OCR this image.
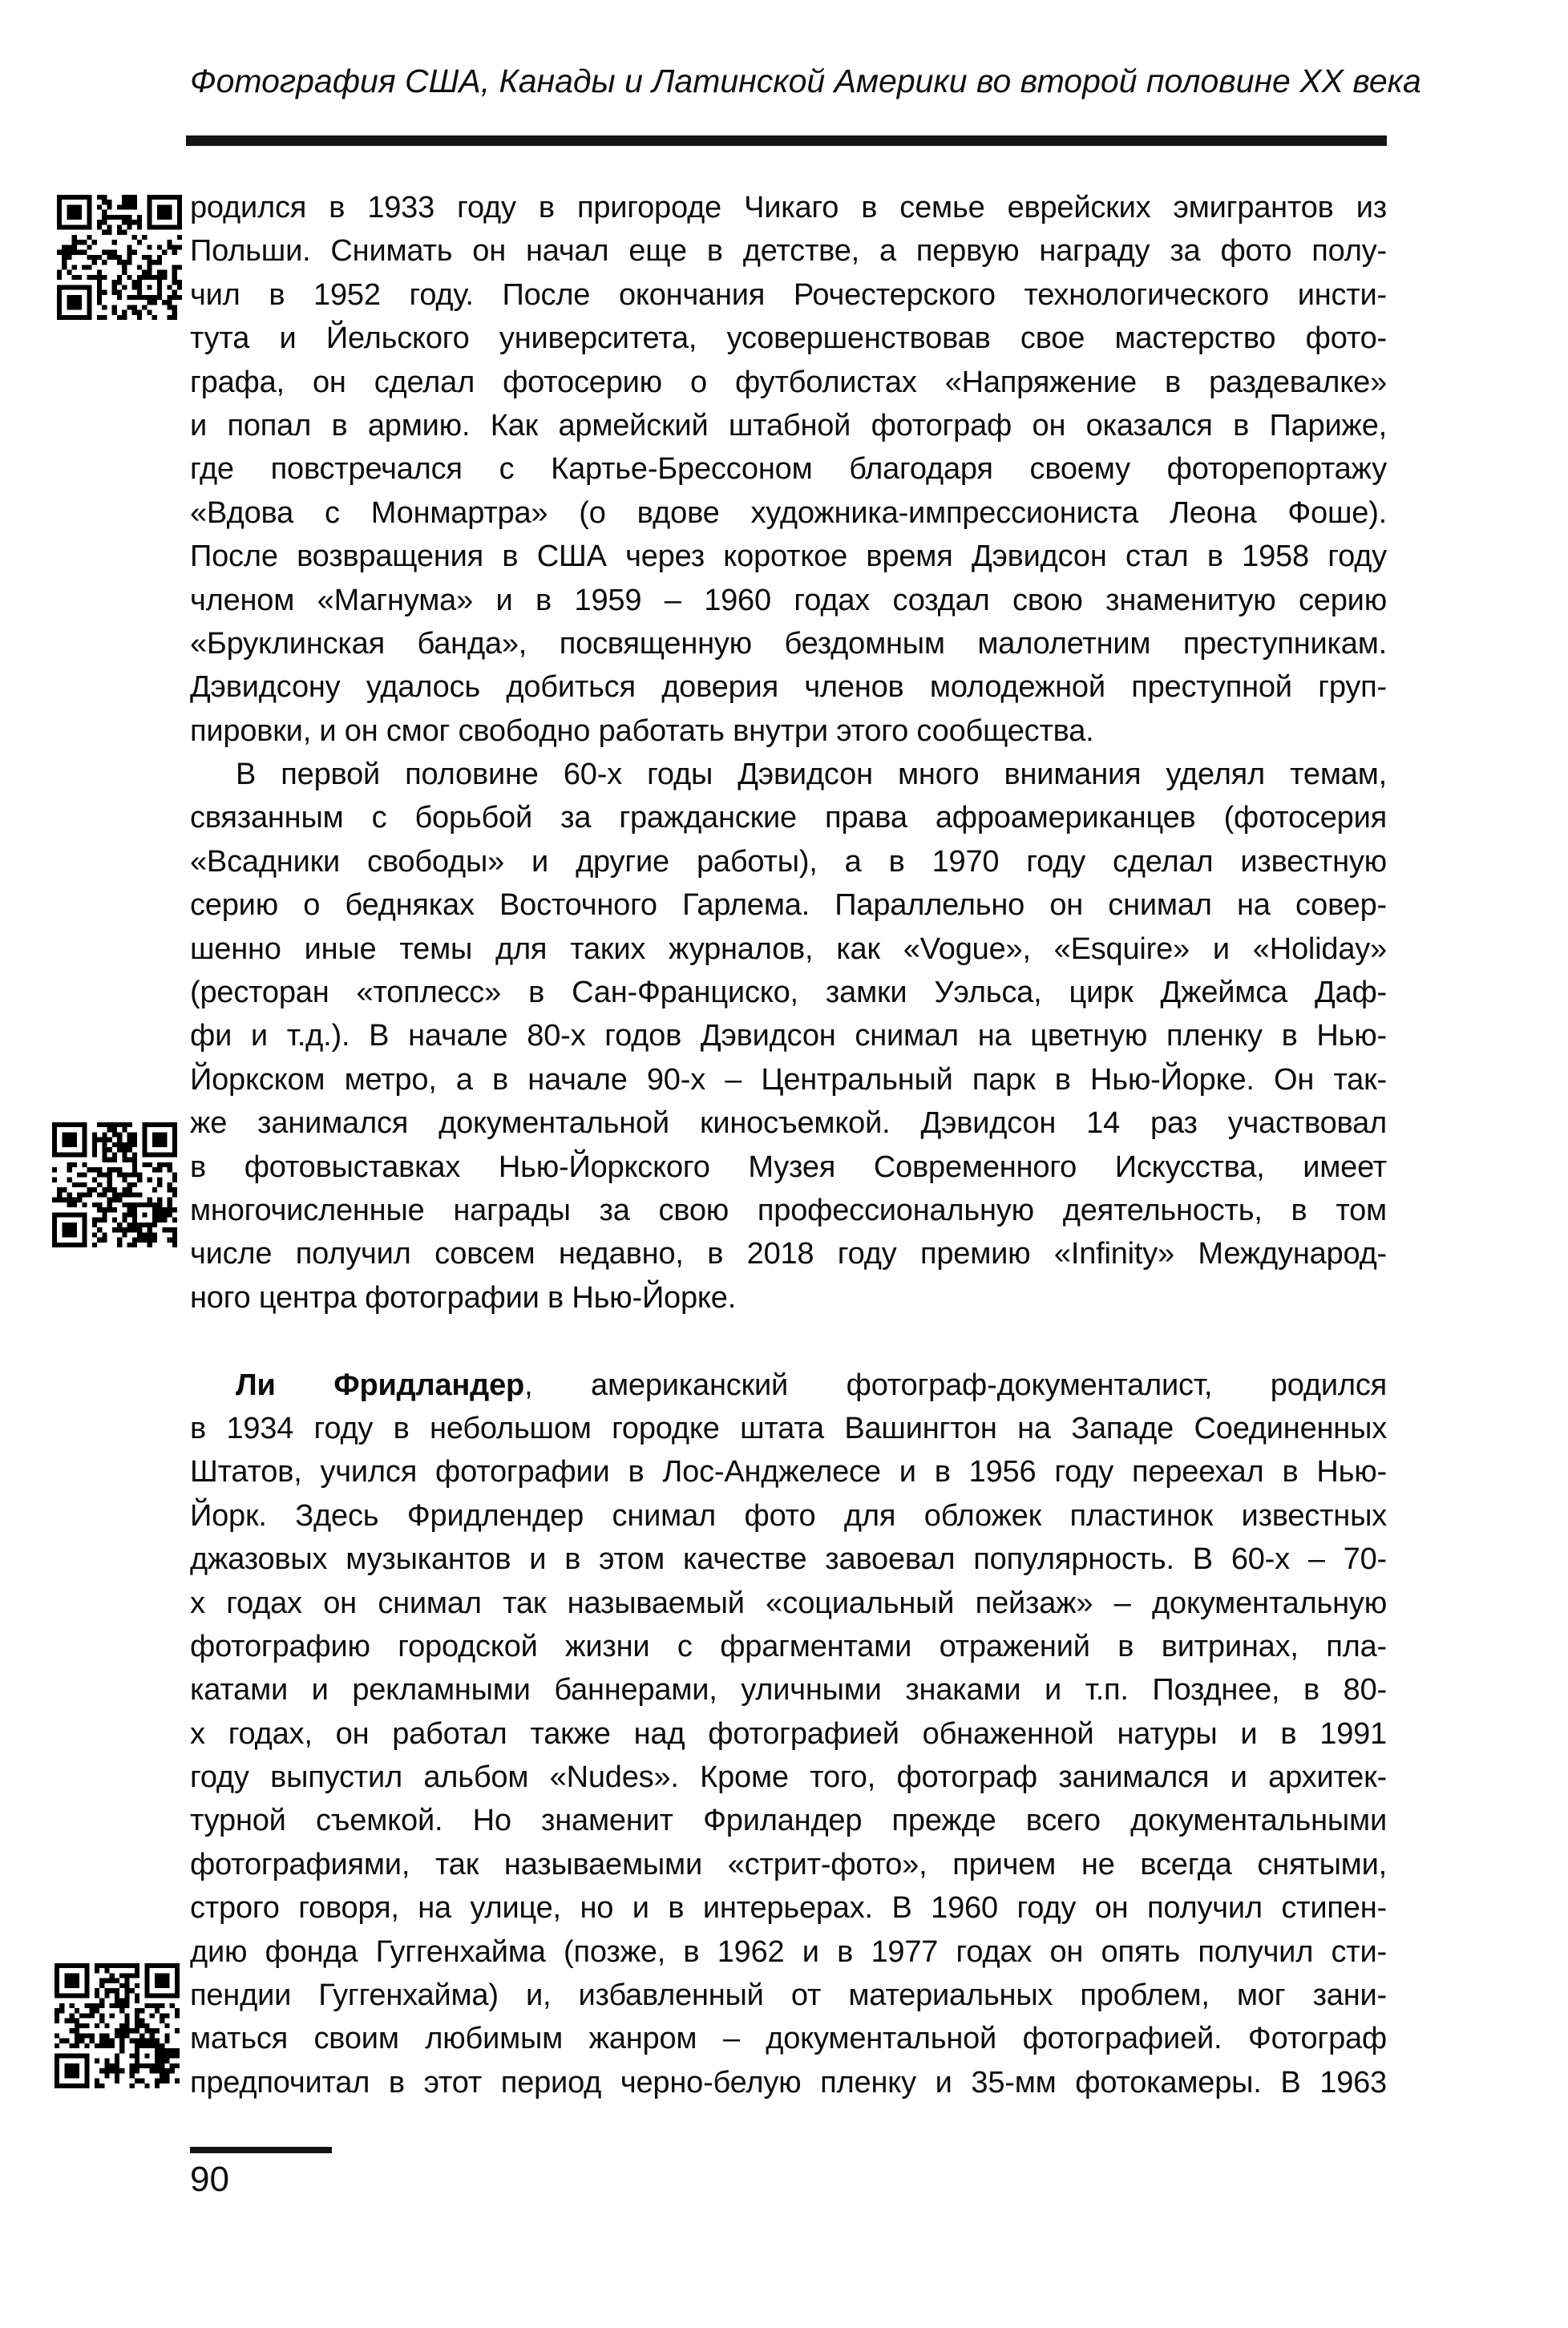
Фотография США, Канады и Латинской Америки во второй половине XX века
родился в 1933 году в пригороде Чикаго в семье еврейских эмигрантов из
Польши. Снимать он начал еще в детстве, а первую награду за фото полу-
чил в 1952 году. После окончания Рочестерского технологического инсти-
тута и Йельского университета, усовершенствовав свое мастерство фото-
графа, он сделал фотосерию о футболистах «Напряжение в раздевалке»
и попал в армию. Как армейский штабной фотограф он оказался в Париже,
где повстречался с Картье-Брессоном благодаря своему фоторепортажу
«Вдова с Монмартра» (о вдове художника-импрессиониста Леона Фоше).
После возвращения в США через короткое время Дэвидсон стал в 1958 году
членом «Магнума» и в 1959 – 1960 годах создал свою знаменитую серию
«Бруклинская банда», посвященную бездомным малолетним преступникам.
Дэвидсону удалось добиться доверия членов молодежной преступной груп-
пировки, и он смог свободно работать внутри этого сообщества.
В первой половине 60-х годы Дэвидсон много внимания уделял темам,
связанным с борьбой за гражданские права афроамериканцев (фотосерия
«Всадники свободы» и другие работы), а в 1970 году сделал известную
серию о бедняках Восточного Гарлема. Параллельно он снимал на совер-
шенно иные темы для таких журналов, как «Vogue», «Esquire» и «Holiday»
(ресторан «топлесс» в Сан-Франциско, замки Уэльса, цирк Джеймса Даф-
фи и т.д.). В начале 80-х годов Дэвидсон снимал на цветную пленку в Нью-
Йоркском метро, а в начале 90-х – Центральный парк в Нью-Йорке. Он так-
же занимался документальной киносъемкой. Дэвидсон 14 раз участвовал
в фотовыставках Нью-Йоркского Музея Современного Искусства, имеет
многочисленные награды за свою профессиональную деятельность, в том
числе получил совсем недавно, в 2018 году премию «Infinity» Международ-
ного центра фотографии в Нью-Йорке.
Ли Фридландер, американский фотограф-документалист, родился
в 1934 году в небольшом городке штата Вашингтон на Западе Соединенных
Штатов, учился фотографии в Лос-Анджелесе и в 1956 году переехал в Нью-
Йорк. Здесь Фридлендер снимал фото для обложек пластинок известных
джазовых музыкантов и в этом качестве завоевал популярность. В 60-х – 70-
х годах он снимал так называемый «социальный пейзаж» – документальную
фотографию городской жизни с фрагментами отражений в витринах, пла-
катами и рекламными баннерами, уличными знаками и т.п. Позднее, в 80-
х годах, он работал также над фотографией обнаженной натуры и в 1991
году выпустил альбом «Nudes». Кроме того, фотограф занимался и архитек-
турной съемкой. Но знаменит Фриландер прежде всего документальными
фотографиями, так называемыми «стрит-фото», причем не всегда снятыми,
строго говоря, на улице, но и в интерьерах. В 1960 году он получил стипен-
дию фонда Гуггенхайма (позже, в 1962 и в 1977 годах он опять получил сти-
пендии Гуггенхайма) и, избавленный от материальных проблем, мог зани-
маться своим любимым жанром – документальной фотографией. Фотограф
предпочитал в этот период черно-белую пленку и 35-мм фотокамеры. В 1963
90
